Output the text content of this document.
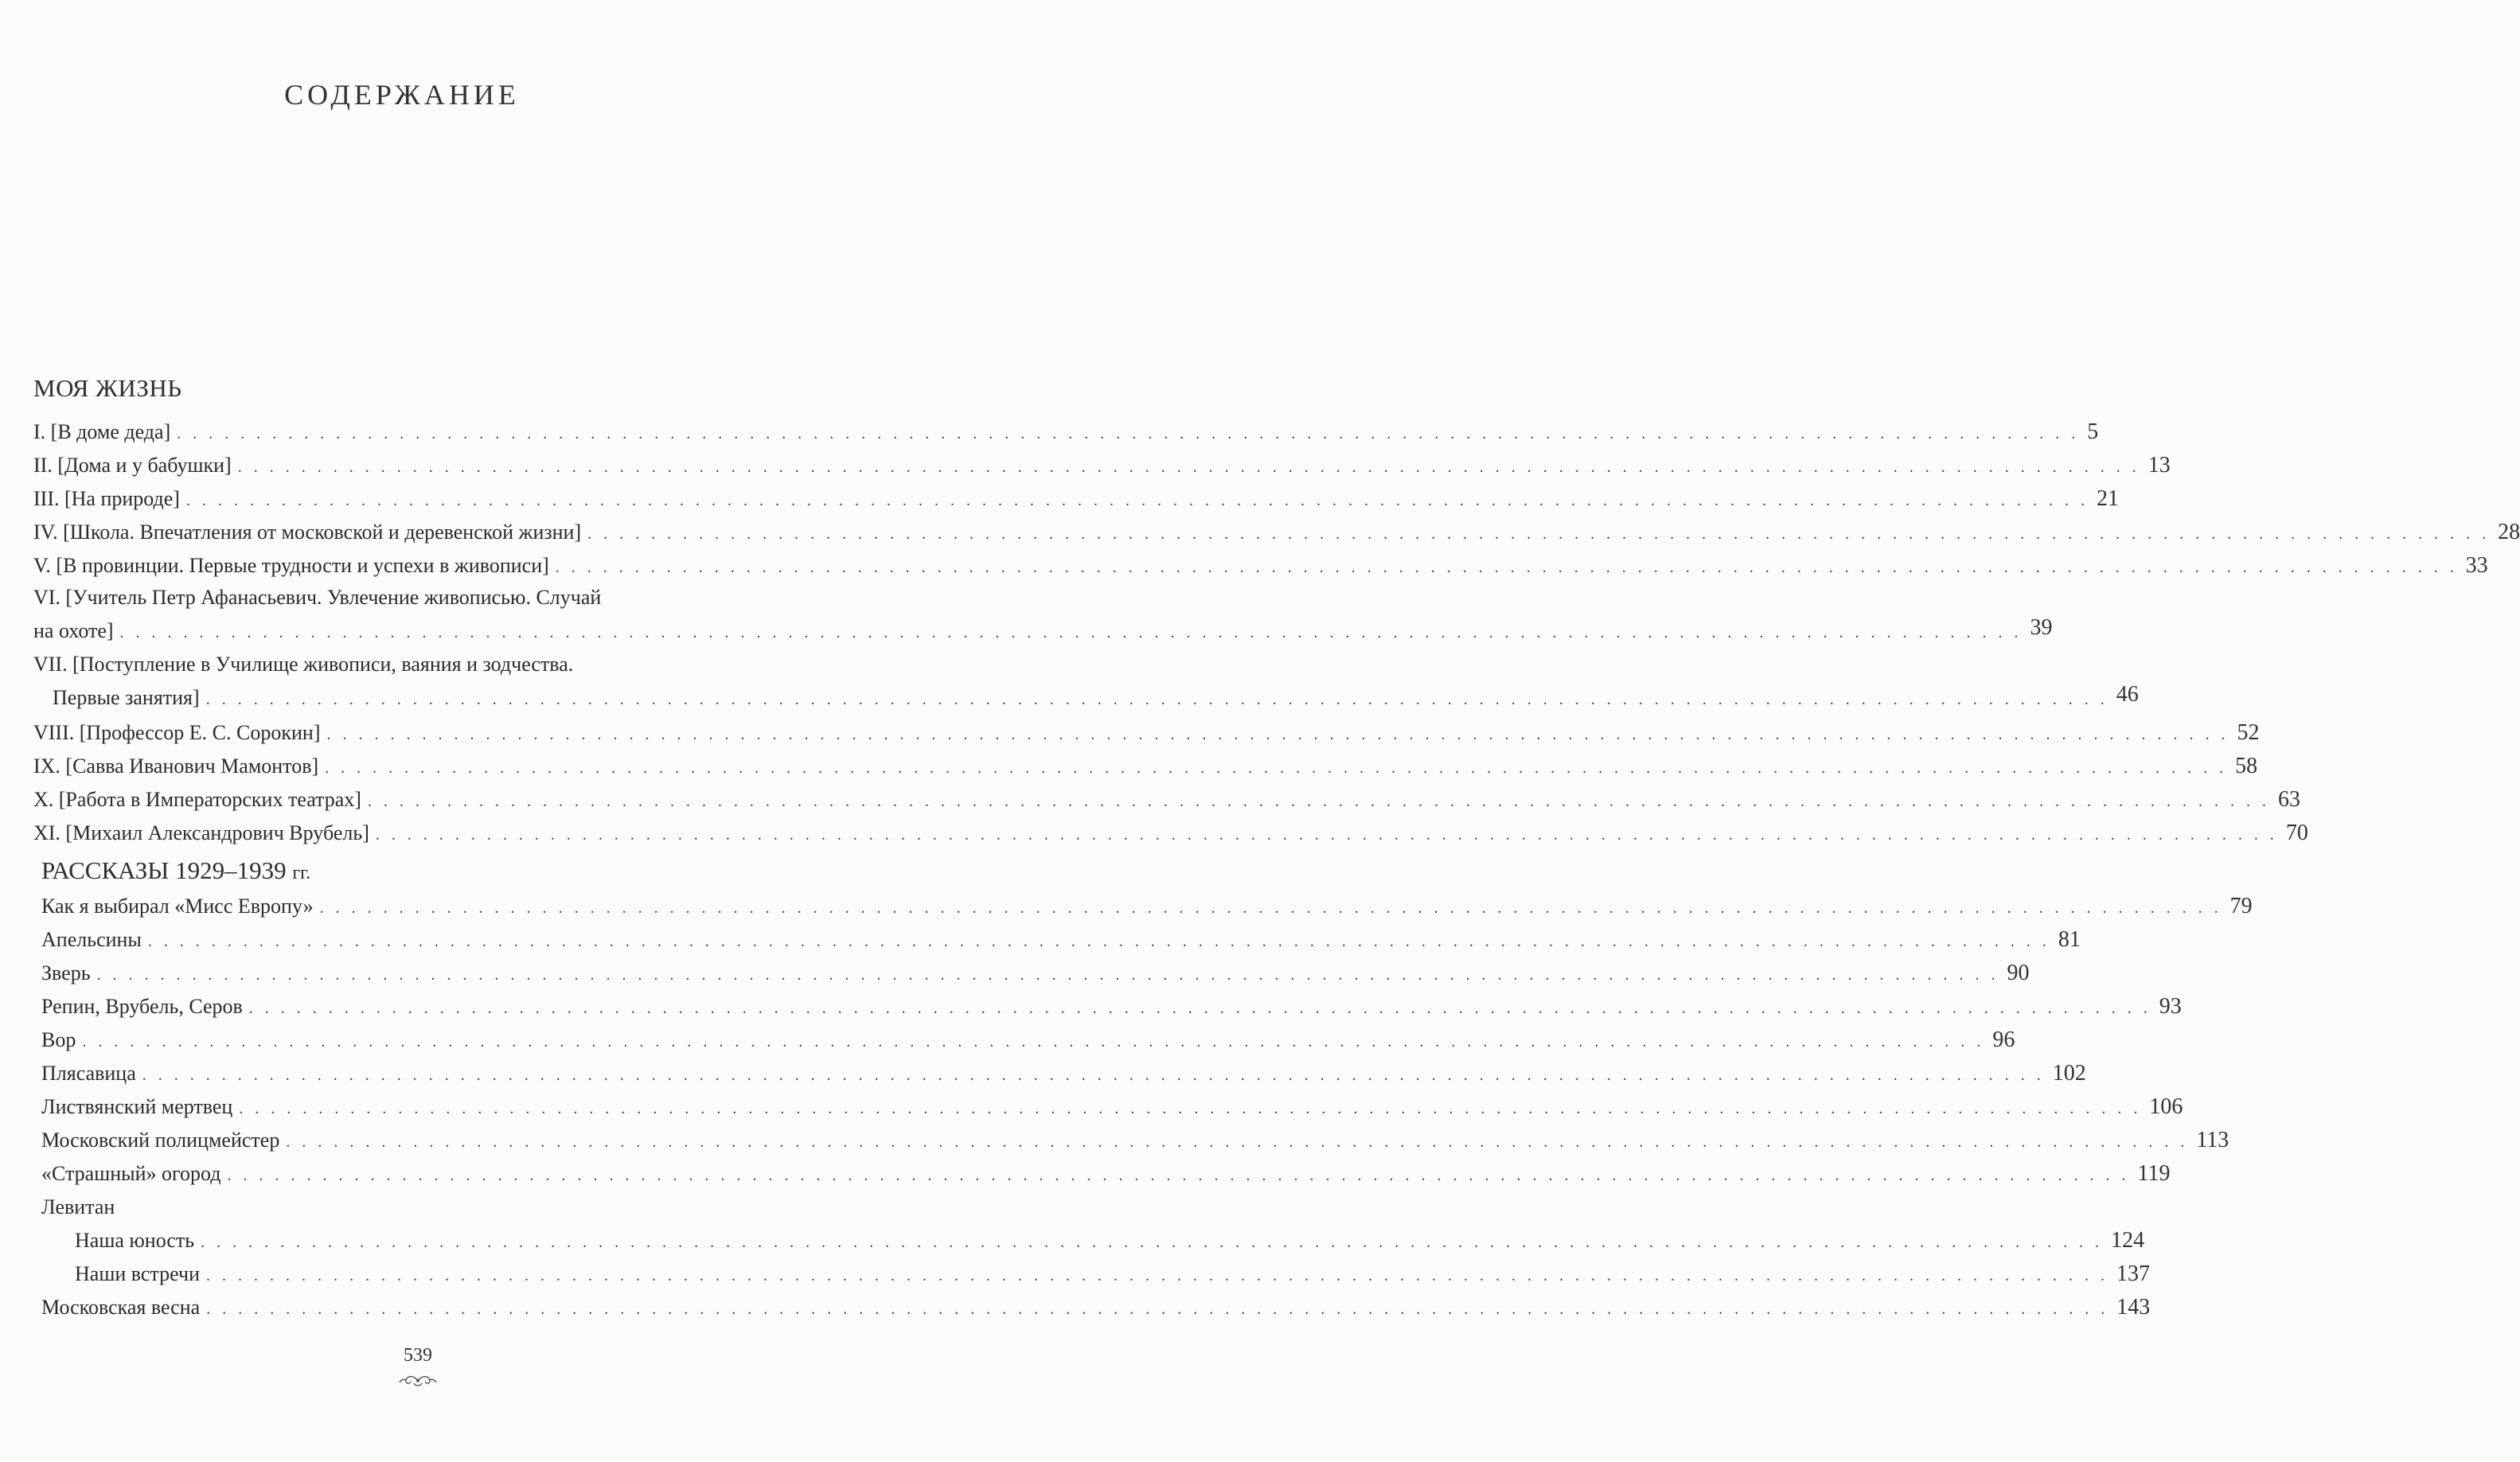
СОДЕРЖАНИЕ
МОЯ ЖИЗНЬ
I. [В доме деда] . . . . . . . . . . . . . . . . . . . . . . . . . . . . . . . . . . . . . . . . . . . . . . . . . . . . . . . . . . . . . . . . . . . . . . . . . . . . . . . . . . . . . . . . . . . . . . . . . . . . . . . . . . . . . . . . . . . . . . . . 5
II. [Дома и у бабушки] . . . . . . . . . . . . . . . . . . . . . . . . . . . . . . . . . . . . . . . . . . . . . . . . . . . . . . . . . . . . . . . . . . . . . . . . . . . . . . . . . . . . . . . . . . . . . . . . . . . . . . . . . . . . . . . . . . . . . . . . 13
III. [На природе] . . . . . . . . . . . . . . . . . . . . . . . . . . . . . . . . . . . . . . . . . . . . . . . . . . . . . . . . . . . . . . . . . . . . . . . . . . . . . . . . . . . . . . . . . . . . . . . . . . . . . . . . . . . . . . . . . . . . . . . . 21
IV. [Школа. Впечатления от московской и деревенской жизни] . . . . . . . . . . . . . . . . . . . . . . . . . . . . . . . . . . . . . . . . . . . . . . . . . . . . . . . . . . . . . . . . . . . . . . . . . . . . . . . . . . . . . . . . . . . . . . . . . . . . . . . . . . . . . . . . . . . . . . . . 28
V. [В провинции. Первые трудности и успехи в живописи] . . . . . . . . . . . . . . . . . . . . . . . . . . . . . . . . . . . . . . . . . . . . . . . . . . . . . . . . . . . . . . . . . . . . . . . . . . . . . . . . . . . . . . . . . . . . . . . . . . . . . . . . . . . . . . . . . . . . . . . . 33
VI. [Учитель Петр Афанасьевич. Увлечение живописью. Случай
на охоте] . . . . . . . . . . . . . . . . . . . . . . . . . . . . . . . . . . . . . . . . . . . . . . . . . . . . . . . . . . . . . . . . . . . . . . . . . . . . . . . . . . . . . . . . . . . . . . . . . . . . . . . . . . . . . . . . . . . . . . . . 39
VII. [Поступление в Училище живописи, ваяния и зодчества.
Первые занятия] . . . . . . . . . . . . . . . . . . . . . . . . . . . . . . . . . . . . . . . . . . . . . . . . . . . . . . . . . . . . . . . . . . . . . . . . . . . . . . . . . . . . . . . . . . . . . . . . . . . . . . . . . . . . . . . . . . . . . . . . 46
VIII. [Профессор Е. С. Сорокин] . . . . . . . . . . . . . . . . . . . . . . . . . . . . . . . . . . . . . . . . . . . . . . . . . . . . . . . . . . . . . . . . . . . . . . . . . . . . . . . . . . . . . . . . . . . . . . . . . . . . . . . . . . . . . . . . . . . . . . . . 52
IX. [Савва Иванович Мамонтов] . . . . . . . . . . . . . . . . . . . . . . . . . . . . . . . . . . . . . . . . . . . . . . . . . . . . . . . . . . . . . . . . . . . . . . . . . . . . . . . . . . . . . . . . . . . . . . . . . . . . . . . . . . . . . . . . . . . . . . . . 58
X. [Работа в Императорских театрах] . . . . . . . . . . . . . . . . . . . . . . . . . . . . . . . . . . . . . . . . . . . . . . . . . . . . . . . . . . . . . . . . . . . . . . . . . . . . . . . . . . . . . . . . . . . . . . . . . . . . . . . . . . . . . . . . . . . . . . . . 63
XI. [Михаил Александрович Врубель] . . . . . . . . . . . . . . . . . . . . . . . . . . . . . . . . . . . . . . . . . . . . . . . . . . . . . . . . . . . . . . . . . . . . . . . . . . . . . . . . . . . . . . . . . . . . . . . . . . . . . . . . . . . . . . . . . . . . . . . . 70
РАССКАЗЫ 1929–1939 гг.
Как я выбирал «Мисс Европу» . . . . . . . . . . . . . . . . . . . . . . . . . . . . . . . . . . . . . . . . . . . . . . . . . . . . . . . . . . . . . . . . . . . . . . . . . . . . . . . . . . . . . . . . . . . . . . . . . . . . . . . . . . . . . . . . . . . . . . . . 79
Апельсины . . . . . . . . . . . . . . . . . . . . . . . . . . . . . . . . . . . . . . . . . . . . . . . . . . . . . . . . . . . . . . . . . . . . . . . . . . . . . . . . . . . . . . . . . . . . . . . . . . . . . . . . . . . . . . . . . . . . . . . . 81
Зверь . . . . . . . . . . . . . . . . . . . . . . . . . . . . . . . . . . . . . . . . . . . . . . . . . . . . . . . . . . . . . . . . . . . . . . . . . . . . . . . . . . . . . . . . . . . . . . . . . . . . . . . . . . . . . . . . . . . . . . . . 90
Репин, Врубель, Серов . . . . . . . . . . . . . . . . . . . . . . . . . . . . . . . . . . . . . . . . . . . . . . . . . . . . . . . . . . . . . . . . . . . . . . . . . . . . . . . . . . . . . . . . . . . . . . . . . . . . . . . . . . . . . . . . . . . . . . . . 93
Вор . . . . . . . . . . . . . . . . . . . . . . . . . . . . . . . . . . . . . . . . . . . . . . . . . . . . . . . . . . . . . . . . . . . . . . . . . . . . . . . . . . . . . . . . . . . . . . . . . . . . . . . . . . . . . . . . . . . . . . . . 96
Плясавица . . . . . . . . . . . . . . . . . . . . . . . . . . . . . . . . . . . . . . . . . . . . . . . . . . . . . . . . . . . . . . . . . . . . . . . . . . . . . . . . . . . . . . . . . . . . . . . . . . . . . . . . . . . . . . . . . . . . . . . . 102
Листвянский мертвец . . . . . . . . . . . . . . . . . . . . . . . . . . . . . . . . . . . . . . . . . . . . . . . . . . . . . . . . . . . . . . . . . . . . . . . . . . . . . . . . . . . . . . . . . . . . . . . . . . . . . . . . . . . . . . . . . . . . . . . . 106
Московский полицмейстер . . . . . . . . . . . . . . . . . . . . . . . . . . . . . . . . . . . . . . . . . . . . . . . . . . . . . . . . . . . . . . . . . . . . . . . . . . . . . . . . . . . . . . . . . . . . . . . . . . . . . . . . . . . . . . . . . . . . . . . . 113
«Страшный» огород . . . . . . . . . . . . . . . . . . . . . . . . . . . . . . . . . . . . . . . . . . . . . . . . . . . . . . . . . . . . . . . . . . . . . . . . . . . . . . . . . . . . . . . . . . . . . . . . . . . . . . . . . . . . . . . . . . . . . . . . 119
Левитан
Наша юность . . . . . . . . . . . . . . . . . . . . . . . . . . . . . . . . . . . . . . . . . . . . . . . . . . . . . . . . . . . . . . . . . . . . . . . . . . . . . . . . . . . . . . . . . . . . . . . . . . . . . . . . . . . . . . . . . . . . . . . . 124
Наши встречи . . . . . . . . . . . . . . . . . . . . . . . . . . . . . . . . . . . . . . . . . . . . . . . . . . . . . . . . . . . . . . . . . . . . . . . . . . . . . . . . . . . . . . . . . . . . . . . . . . . . . . . . . . . . . . . . . . . . . . . . 137
Московская весна . . . . . . . . . . . . . . . . . . . . . . . . . . . . . . . . . . . . . . . . . . . . . . . . . . . . . . . . . . . . . . . . . . . . . . . . . . . . . . . . . . . . . . . . . . . . . . . . . . . . . . . . . . . . . . . . . . . . . . . . 143
539
